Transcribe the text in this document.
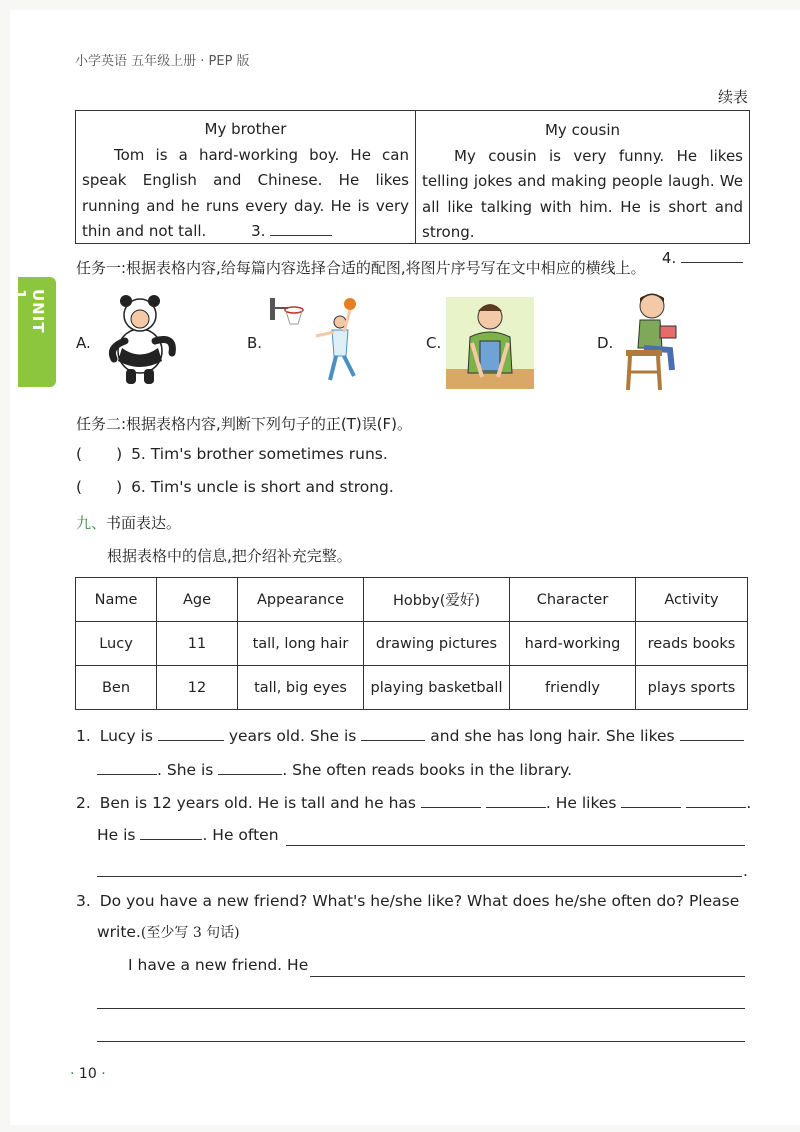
小学英语 五年级上册 · PEP 版
续表
My brother
Tom is a hard-working boy. He can speak English and Chinese. He likes running and he runs every day. He is very thin and not tall.	3.
My cousin
My cousin is very funny. He likes telling jokes and making people laugh. We all like talking with him. He is short and strong.
4.
UNIT 1
任务一:根据表格内容,给每篇内容选择合适的配图,将图片序号写在文中相应的横线上。
A.	B.	C.	D.
任务二:根据表格内容,判断下列句子的正(T)误(F)。
( ) 5. Tim's brother sometimes runs.
( ) 6. Tim's uncle is short and strong.
九、书面表达。
根据表格中的信息,把介绍补充完整。
Name	Age	Appearance	Hobby(爱好)	Character	Activity
Lucy	11	tall, long hair	drawing pictures	hard-working	reads books
Ben	12	tall, big eyes	playing basketball	friendly	plays sports
1. Lucy is	years old. She is	and she has long hair. She likes
. She is	. She often reads books in the library.
2. Ben is 12 years old. He is tall and he has	. He likes	.
He is	. He often
.
3. Do you have a new friend? What's he/she like? What does he/she often do? Please
write.(至少写 3 句话)
I have a new friend. He
· 10 ·
